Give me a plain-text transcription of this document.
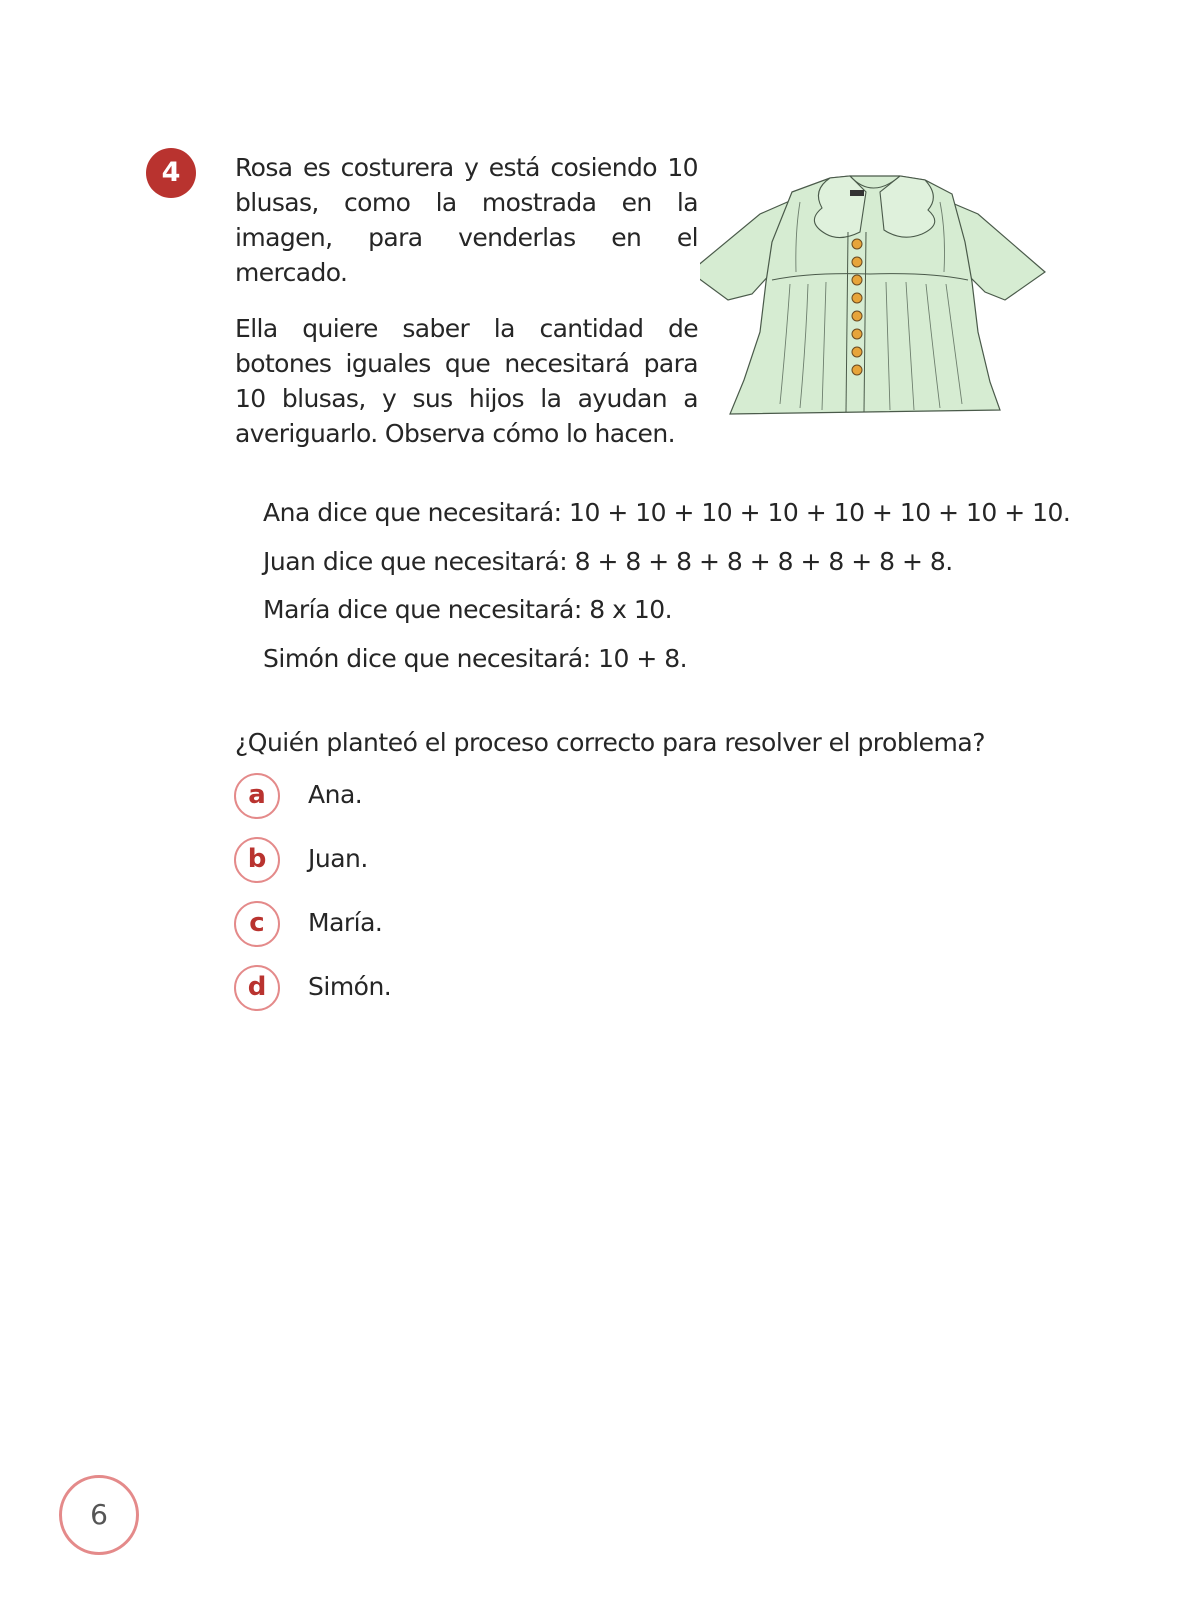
4	Rosa es costurera y está cosiendo 10 blusas, como la mostrada en la imagen, para venderlas en el mercado.

Ella quiere saber la cantidad de botones iguales que necesitará para 10 blusas, y sus hijos la ayudan a averiguarlo. Observa cómo lo hacen.

Ana dice que necesitará: 10 + 10 + 10 + 10 + 10 + 10 + 10 + 10.
Juan dice que necesitará: 8 + 8 + 8 + 8 + 8 + 8 + 8 + 8.
María dice que necesitará: 8 x 10.
Simón dice que necesitará: 10 + 8.
¿Quién planteó el proceso correcto para resolver el problema?
a	Ana.
b	Juan.
c	María.
d	Simón.
6
